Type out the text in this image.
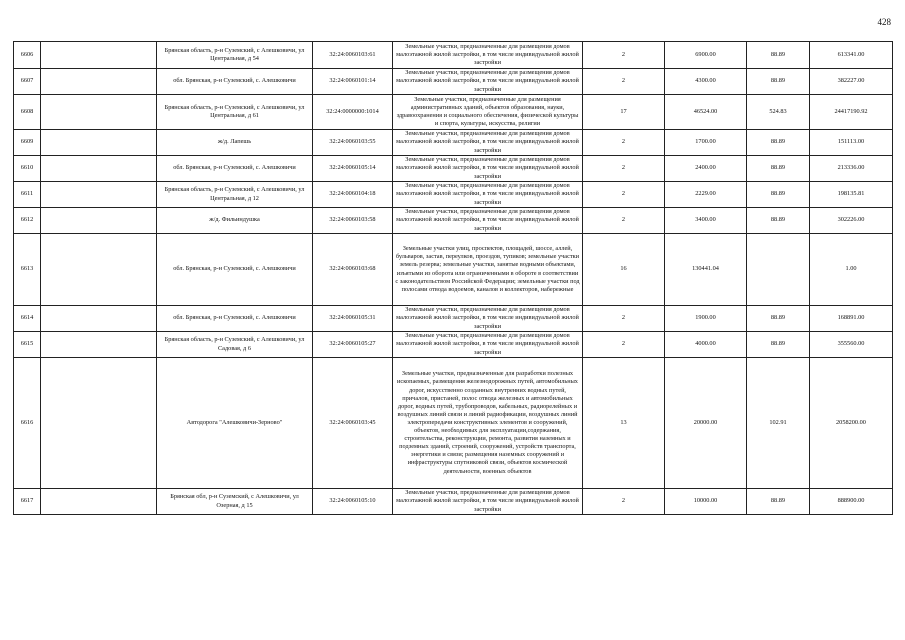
428
6606		Брянская область, р-н Суземский, с Алешковичи, ул Центральная, д 54	32:24:0060103:61	Земельные участки, предназначенные для размещения домов малоэтажной жилой застройки, в том числе индивидуальной жилой застройки	2	6900.00	88.89	613341.00
6607		обл. Брянская, р-н Суземский, с. Алешковичи	32:24:0060101:14	Земельные участки, предназначенные для размещения домов малоэтажной жилой застройки, в том числе индивидуальной жилой застройки	2	4300.00	88.89	382227.00
6608		Брянская область, р-н Суземский, с Алешковичи, ул Центральная, д 61	32:24:0000000:1014	Земельные участки, предназначенные для размещения административных зданий, объектов образования, науки, здравоохранения и социального обеспечения, физической культуры и спорта, культуры, искусства, религии	17	46524.00	524.83	24417190.92
6609		ж/д. Лапешь	32:24:0060103:55	Земельные участки, предназначенные для размещения домов малоэтажной жилой застройки, в том числе индивидуальной жилой застройки	2	1700.00	88.89	151113.00
6610		обл. Брянская, р-н Суземский, с. Алешковичи	32:24:0060105:14	Земельные участки, предназначенные для размещения домов малоэтажной жилой застройки, в том числе индивидуальной жилой застройки	2	2400.00	88.89	213336.00
6611		Брянская область, р-н Суземский, с Алешковичи, ул Центральная, д 12	32:24:0060104:18	Земельные участки, предназначенные для размещения домов малоэтажной жилой застройки, в том числе индивидуальной жилой застройки	2	2229.00	88.89	198135.81
6612		ж/д. Фильиндушка	32:24:0060103:58	Земельные участки, предназначенные для размещения домов малоэтажной жилой застройки, в том числе индивидуальной жилой застройки	2	3400.00	88.89	302226.00
6613		обл. Брянская, р-н Суземский, с. Алешковичи	32:24:0060103:68	Земельные участки улиц, проспектов, площадей, шоссе, аллей, бульваров, застав, переулков, проездов, тупиков; земельные участки земель резерва; земельные участки, занятые водными объектами, изъятыми из оборота или ограниченными в обороте в соответствии с законодательством Российской Федерации; земельные участки под полосами отвода водоемов, каналов и коллекторов, набережные	16	130441.04		1.00
6614		обл. Брянская, р-н Суземский, с. Алешковичи	32:24:0060105:31	Земельные участки, предназначенные для размещения домов малоэтажной жилой застройки, в том числе индивидуальной жилой застройки	2	1900.00	88.89	168891.00
6615		Брянская область, р-н Суземский, с Алешковичи, ул Садовая, д 6	32:24:0060105:27	Земельные участки, предназначенные для размещения домов малоэтажной жилой застройки, в том числе индивидуальной жилой застройки	2	4000.00	88.89	355560.00
6616		Автодорога "Алешковичи-Зерново"	32:24:0060103:45	Земельные участки, предназначенные для разработки полезных ископаемых, размещения железнодорожных путей, автомобильных дорог, искусственно созданных внутренних водных путей, причалов, пристаней, полос отвода железных и автомобильных дорог, водных путей, трубопроводов, кабельных, радиорелейных и воздушных линий связи и линий радиофикации, воздушных линий электропередачи конструктивных элементов и сооружений, объектов, необходимых для эксплуатации,содержания, строительства, реконструкции, ремонта, развития наземных и подземных зданий, строений, сооружений, устройств транспорта, энергетики и связи; размещения наземных сооружений и инфраструктуры спутниковой связи, объектов космической деятельности, военных объектов	13	20000.00	102.91	2058200.00
6617		Брянская обл, р-н Суземский, с Алешковичи, ул Озерная, д 15	32:24:0060105:10	Земельные участки, предназначенные для размещения домов малоэтажной жилой застройки, в том числе индивидуальной жилой застройки	2	10000.00	88.89	888900.00
